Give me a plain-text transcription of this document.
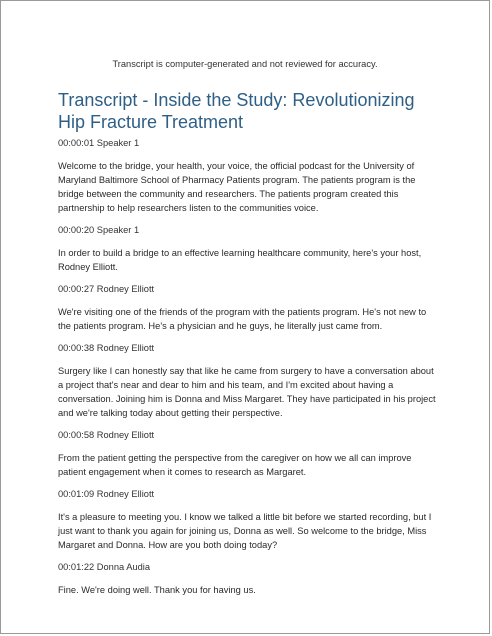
Transcript is computer-generated and not reviewed for accuracy.
Transcript - Inside the Study: Revolutionizing Hip Fracture Treatment

00:00:01 Speaker 1

Welcome to the bridge, your health, your voice, the official podcast for the University of Maryland Baltimore School of Pharmacy Patients program. The patients program is the bridge between the community and researchers. The patients program created this partnership to help researchers listen to the communities voice.

00:00:20 Speaker 1

In order to build a bridge to an effective learning healthcare community, here's your host, Rodney Elliott.

00:00:27 Rodney Elliott

We're visiting one of the friends of the program with the patients program. He's not new to the patients program. He's a physician and he guys, he literally just came from.

00:00:38 Rodney Elliott

Surgery like I can honestly say that like he came from surgery to have a conversation about a project that's near and dear to him and his team, and I'm excited about having a conversation. Joining him is Donna and Miss Margaret. They have participated in his project and we're talking today about getting their perspective.

00:00:58 Rodney Elliott

From the patient getting the perspective from the caregiver on how we all can improve patient engagement when it comes to research as Margaret.

00:01:09 Rodney Elliott

It's a pleasure to meeting you. I know we talked a little bit before we started recording, but I just want to thank you again for joining us, Donna as well. So welcome to the bridge, Miss Margaret and Donna. How are you both doing today?

00:01:22 Donna Audia

Fine. We're doing well. Thank you for having us.
